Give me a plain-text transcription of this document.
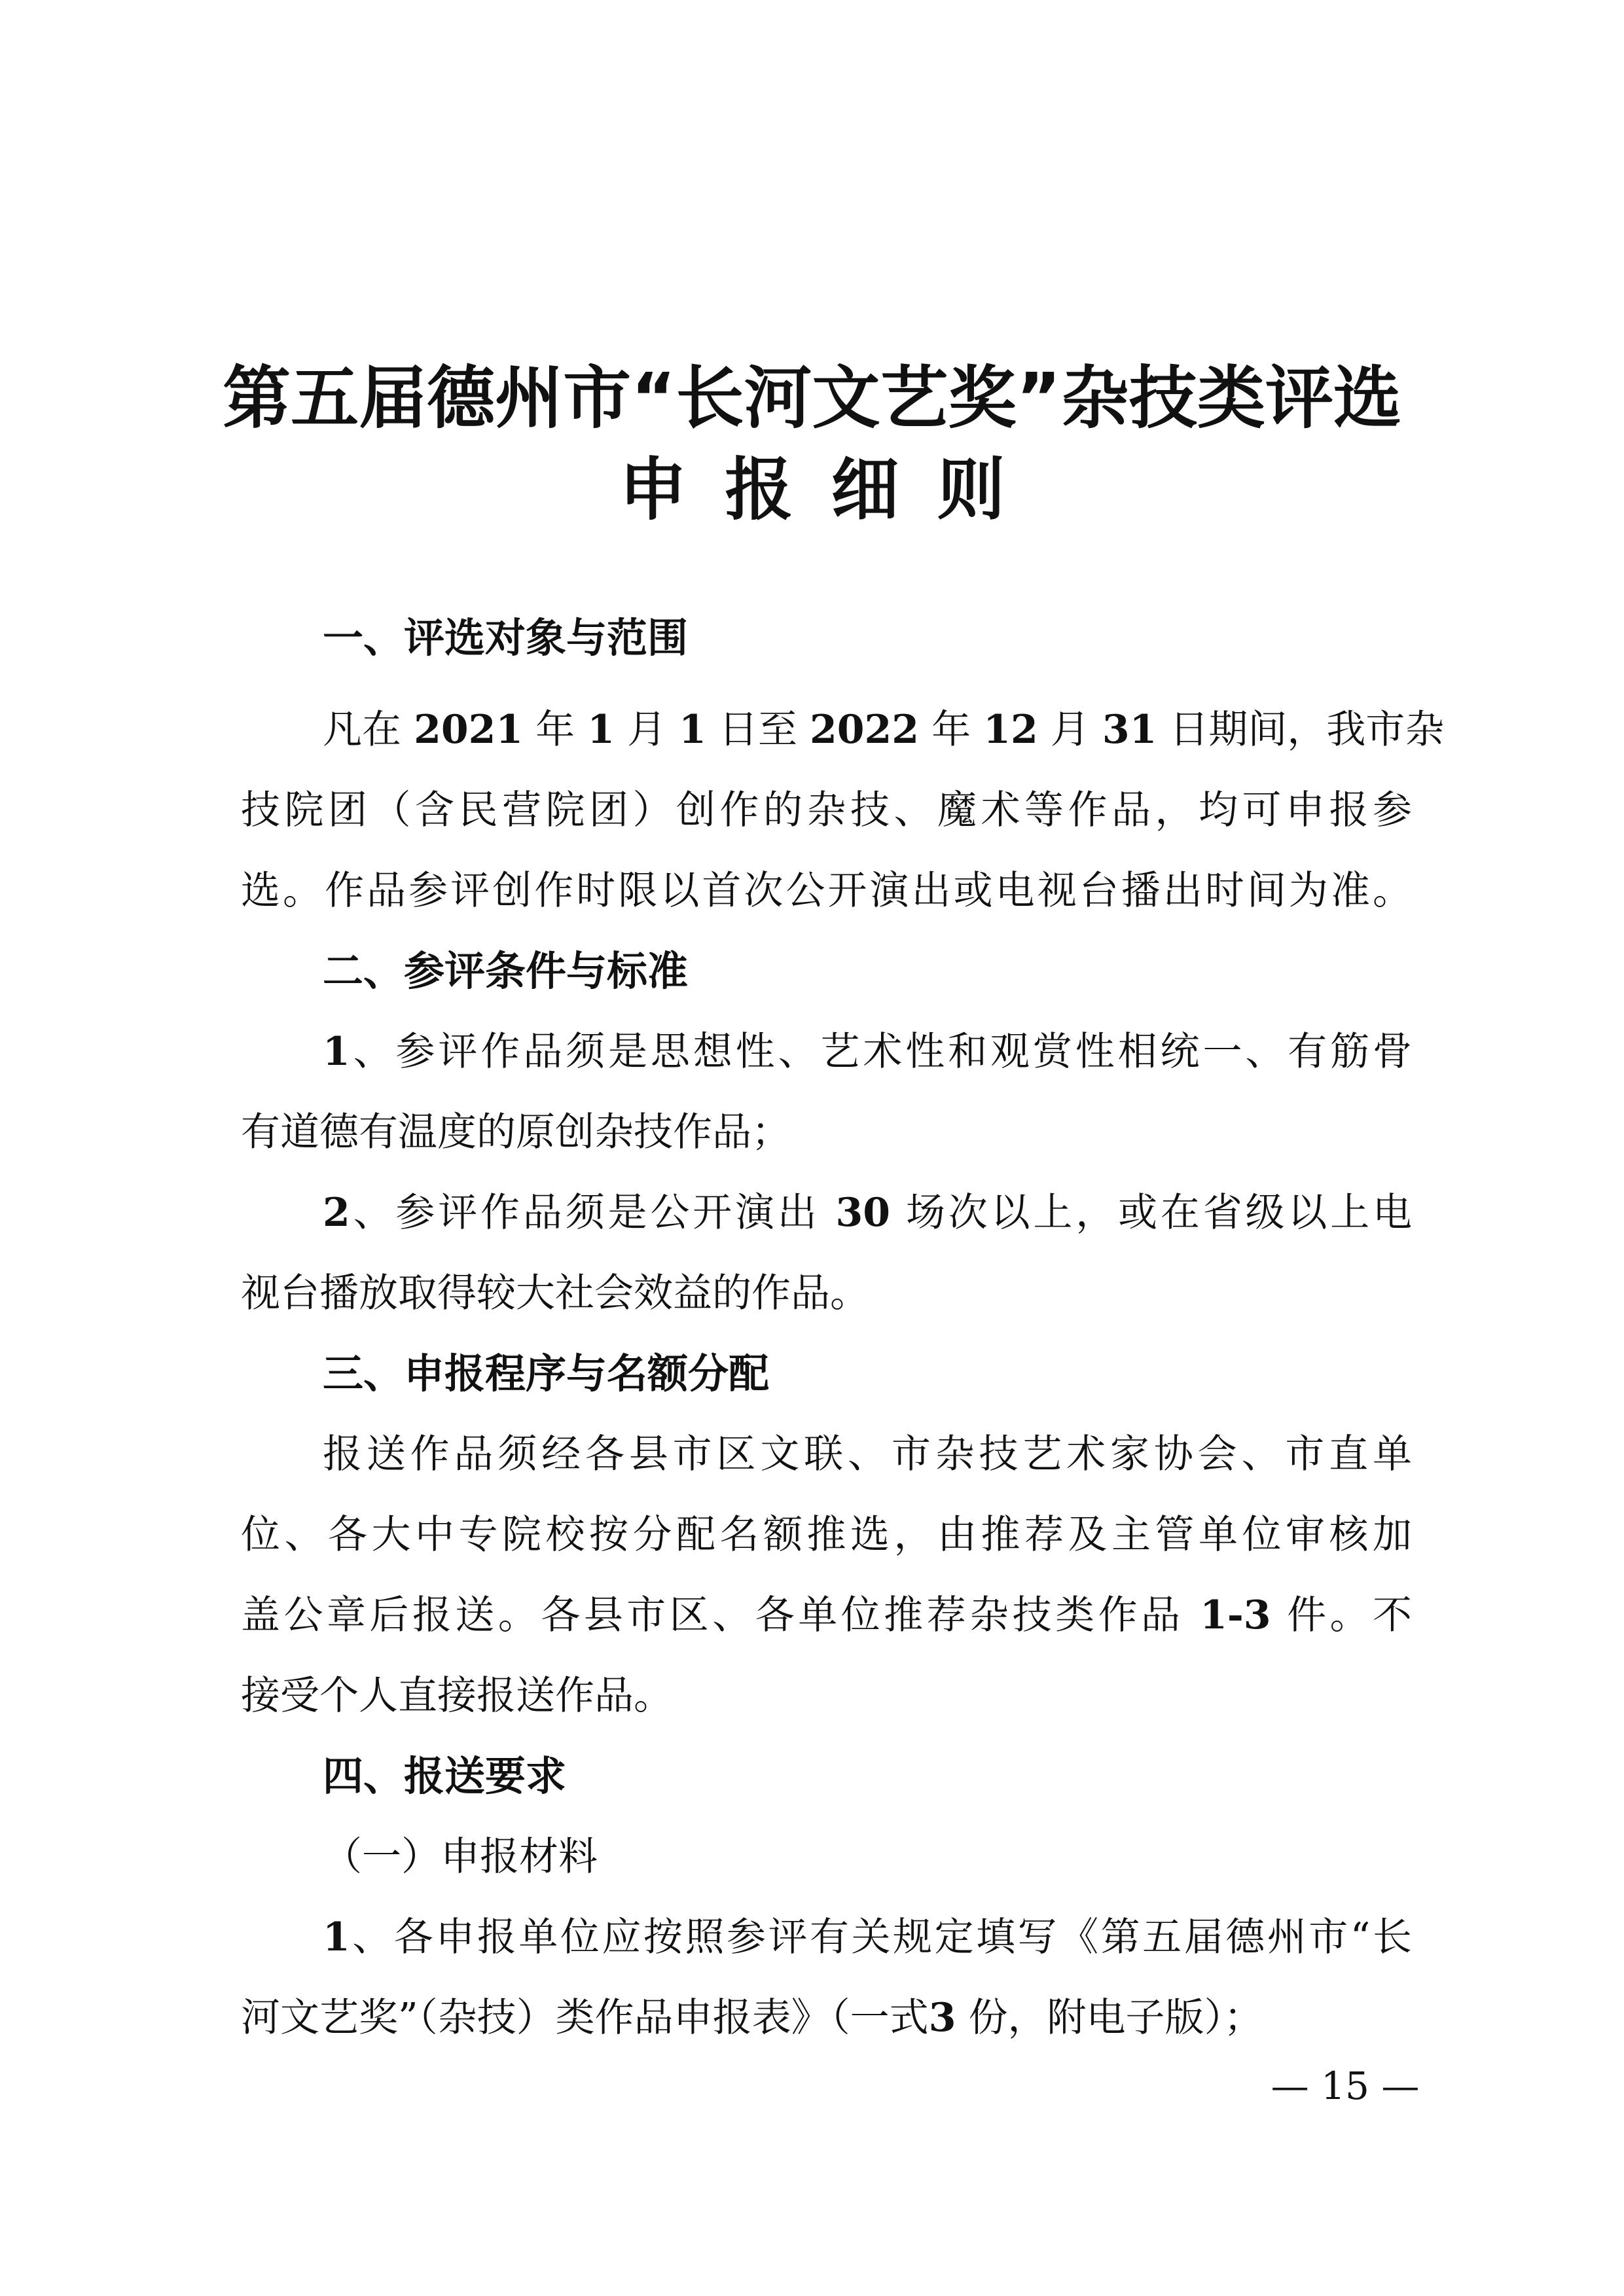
第五届德州市“长河文艺奖”杂技类评选
申报细则

一、评选对象与范围

凡在 2021 年 1 月 1 日至 2022 年 12 月 31 日期间，我市杂

技院团（含民营院团）创作的杂技、魔术等作品，均可申报参

选。作品参评创作时限以首次公开演出或电视台播出时间为准。

二、参评条件与标准

1、参评作品须是思想性、艺术性和观赏性相统一、有筋骨

有道德有温度的原创杂技作品；

2、参评作品须是公开演出 30 场次以上，或在省级以上电

视台播放取得较大社会效益的作品。

三、申报程序与名额分配

报送作品须经各县市区文联、市杂技艺术家协会、市直单

位、各大中专院校按分配名额推选，由推荐及主管单位审核加

盖公章后报送。各县市区、各单位推荐杂技类作品 1-3 件。不

接受个人直接报送作品。

四、报送要求

（一）申报材料

1、各申报单位应按照参评有关规定填写《第五届德州市“长

河文艺奖”（杂技）类作品申报表》（一式3 份，附电子版）；

— 15 —
